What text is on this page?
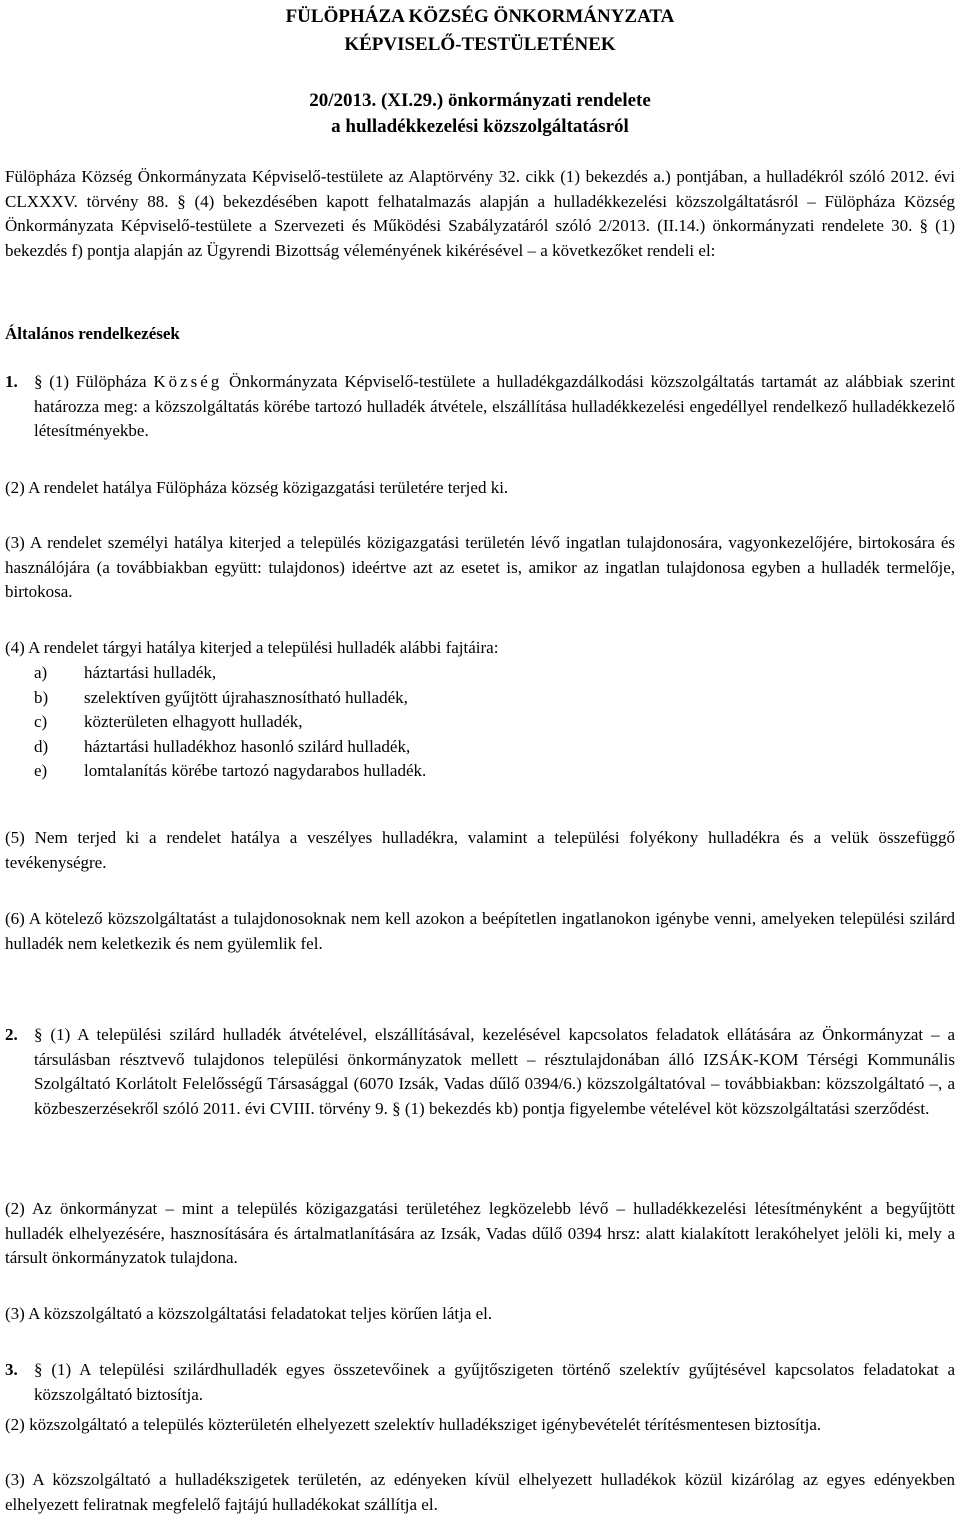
FÜLÖPHÁZA KÖZSÉG ÖNKORMÁNYZATA
KÉPVISELŐ-TESTÜLETÉNEK
20/2013. (XI.29.) önkormányzati rendelete
a hulladékkezelési közszolgáltatásról

Fülöpháza Község Önkormányzata Képviselő-testülete az Alaptörvény 32. cikk (1) bekezdés a.) pontjában, a hulladékról szóló 2012. évi CLXXXV. törvény 88. § (4) bekezdésében kapott felhatalmazás alapján a hulladékkezelési közszolgáltatásról – Fülöpháza Község Önkormányzata Képviselő-testülete a Szervezeti és Működési Szabályzatáról szóló 2/2013. (II.14.) önkormányzati rendelete 30. § (1) bekezdés f) pontja alapján az Ügyrendi Bizottság véleményének kikérésével – a következőket rendeli el:

Általános rendelkezések
1. § (1) Fülöpháza Község Önkormányzata Képviselő-testülete a hulladékgazdálkodási közszolgáltatás tartamát az alábbiak szerint határozza meg: a közszolgáltatás körébe tartozó hulladék átvétele, elszállítása hulladékkezelési engedéllyel rendelkező hulladékkezelő létesítményekbe.

(2) A rendelet hatálya Fülöpháza község közigazgatási területére terjed ki.

(3) A rendelet személyi hatálya kiterjed a település közigazgatási területén lévő ingatlan tulajdonosára, vagyonkezelőjére, birtokosára és használójára (a továbbiakban együtt: tulajdonos) ideértve azt az esetet is, amikor az ingatlan tulajdonosa egyben a hulladék termelője, birtokosa.

(4) A rendelet tárgyi hatálya kiterjed a települési hulladék alábbi fajtáira:

a) háztartási hulladék,
b) szelektíven gyűjtött újrahasznosítható hulladék,
c) közterületen elhagyott hulladék,
d) háztartási hulladékhoz hasonló szilárd hulladék,
e) lomtalanítás körébe tartozó nagydarabos hulladék.

(5) Nem terjed ki a rendelet hatálya a veszélyes hulladékra, valamint a települési folyékony hulladékra és a velük összefüggő tevékenységre.

(6) A kötelező közszolgáltatást a tulajdonosoknak nem kell azokon a beépítetlen ingatlanokon igénybe venni, amelyeken települési szilárd hulladék nem keletkezik és nem gyülemlik fel.

2. § (1) A települési szilárd hulladék átvételével, elszállításával, kezelésével kapcsolatos feladatok ellátására az Önkormányzat – a társulásban résztvevő tulajdonos települési önkormányzatok mellett – résztulajdonában álló IZSÁK-KOM Térségi Kommunális Szolgáltató Korlátolt Felelősségű Társasággal (6070 Izsák, Vadas dűlő 0394/6.) közszolgáltatóval – továbbiakban: közszolgáltató –, a közbeszerzésekről szóló 2011. évi CVIII. törvény 9. § (1) bekezdés kb) pontja figyelembe vételével köt közszolgáltatási szerződést.

(2) Az önkormányzat – mint a település közigazgatási területéhez legközelebb lévő – hulladékkezelési létesítményként a begyűjtött hulladék elhelyezésére, hasznosítására és ártalmatlanítására az Izsák, Vadas dűlő 0394 hrsz: alatt kialakított lerakóhelyet jelöli ki, mely a társult önkormányzatok tulajdona.

(3) A közszolgáltató a közszolgáltatási feladatokat teljes körűen látja el.

3. § (1) A települési szilárdhulladék egyes összetevőinek a gyűjtőszigeten történő szelektív gyűjtésével kapcsolatos feladatokat a közszolgáltató biztosítja.

(2) közszolgáltató a település közterületén elhelyezett szelektív hulladéksziget igénybevételét térítésmentesen biztosítja.

(3) A közszolgáltató a hulladékszigetek területén, az edényeken kívül elhelyezett hulladékok közül kizárólag az egyes edényekben elhelyezett feliratnak megfelelő fajtájú hulladékokat szállítja el.
